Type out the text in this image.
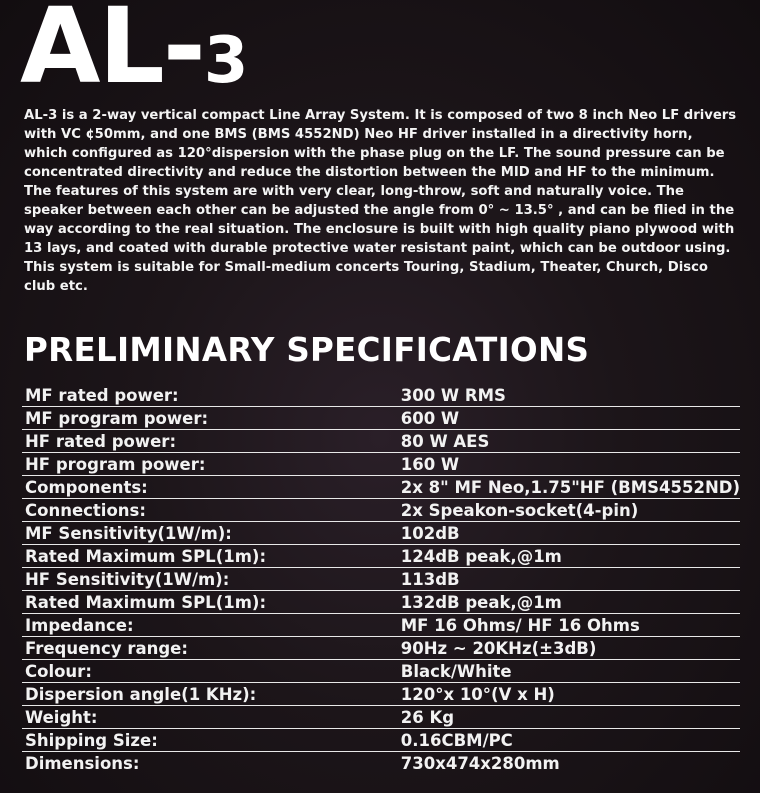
AL-3

AL-3 is a 2-way vertical compact Line Array System. It is composed of two 8 inch Neo LF drivers with VC ¢50mm, and one BMS (BMS 4552ND) Neo HF driver installed in a directivity horn, which configured as 120°dispersion with the phase plug on the LF. The sound pressure can be concentrated directivity and reduce the distortion between the MID and HF to the minimum. The features of this system are with very clear, long-throw, soft and naturally voice. The speaker between each other can be adjusted the angle from 0° ~ 13.5° , and can be flied in the way according to the real situation. The enclosure is built with high quality piano plywood with 13 lays, and coated with durable protective water resistant paint, which can be outdoor using. This system is suitable for Small-medium concerts Touring, Stadium, Theater, Church, Disco club etc.

PRELIMINARY SPECIFICATIONS
MF rated power:	300 W RMS
MF program power:	600 W
HF rated power:	80 W AES
HF program power:	160 W
Components:	2x 8" MF Neo,1.75"HF (BMS4552ND)
Connections:	2x Speakon-socket(4-pin)
MF Sensitivity(1W/m):	102dB
Rated Maximum SPL(1m):	124dB peak,@1m
HF Sensitivity(1W/m):	113dB
Rated Maximum SPL(1m):	132dB peak,@1m
Impedance:	MF 16 Ohms/ HF 16 Ohms
Frequency range:	90Hz ~ 20KHz(±3dB)
Colour:	Black/White
Dispersion angle(1 KHz):	120°x 10°(V x H)
Weight:	26 Kg
Shipping Size:	0.16CBM/PC
Dimensions:	730x474x280mm
